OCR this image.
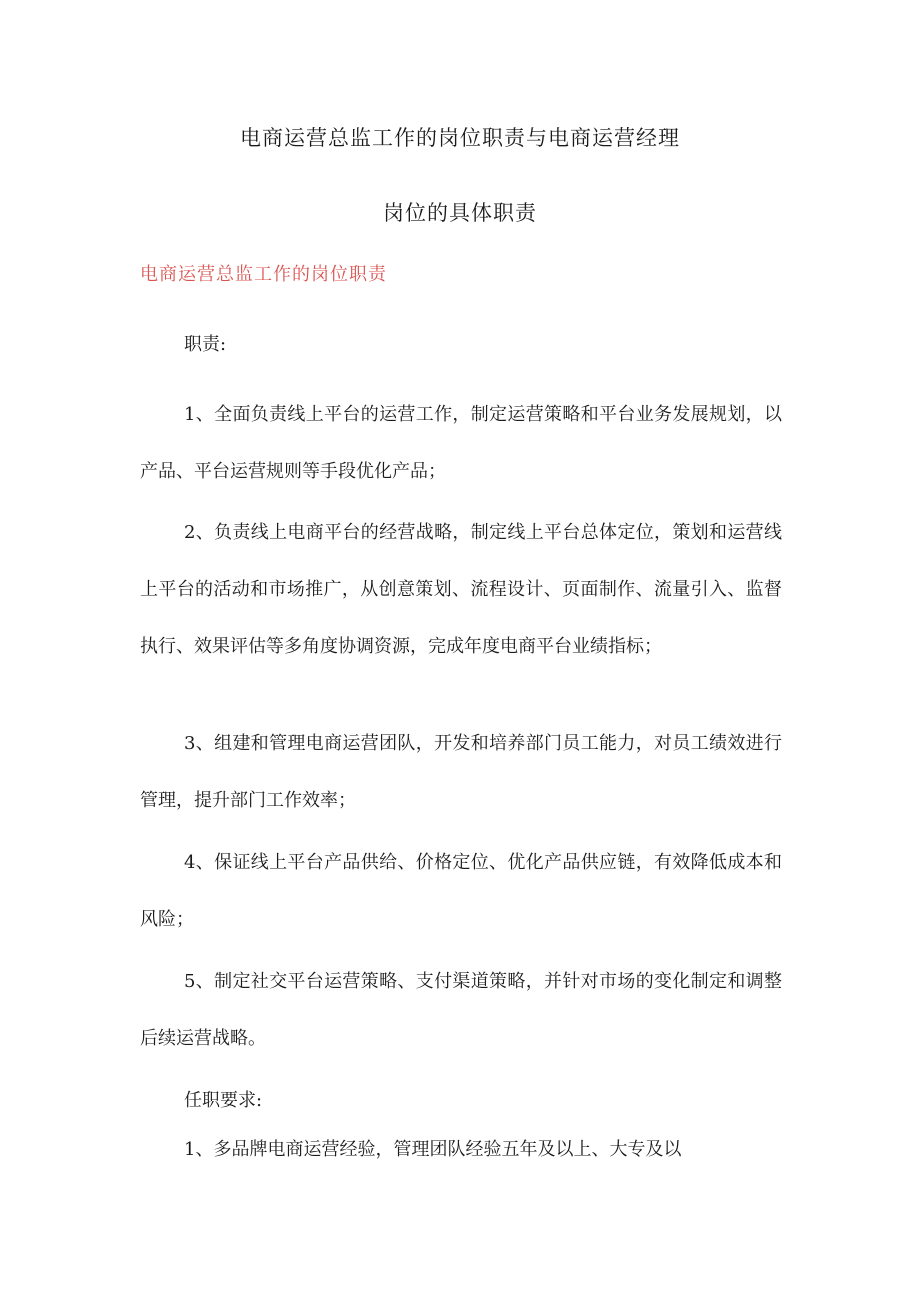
电商运营总监工作的岗位职责与电商运营经理
岗位的具体职责
电商运营总监工作的岗位职责
职责:

1、全面负责线上平台的运营工作，制定运营策略和平台业务发展规划，以产品、平台运营规则等手段优化产品；

2、负责线上电商平台的经营战略，制定线上平台总体定位，策划和运营线上平台的活动和市场推广，从创意策划、流程设计、页面制作、流量引入、监督执行、效果评估等多角度协调资源，完成年度电商平台业绩指标；

3、组建和管理电商运营团队，开发和培养部门员工能力，对员工绩效进行管理，提升部门工作效率；

4、保证线上平台产品供给、价格定位、优化产品供应链，有效降低成本和风险；

5、制定社交平台运营策略、支付渠道策略，并针对市场的变化制定和调整后续运营战略。

任职要求:

1、多品牌电商运营经验，管理团队经验五年及以上、大专及以
